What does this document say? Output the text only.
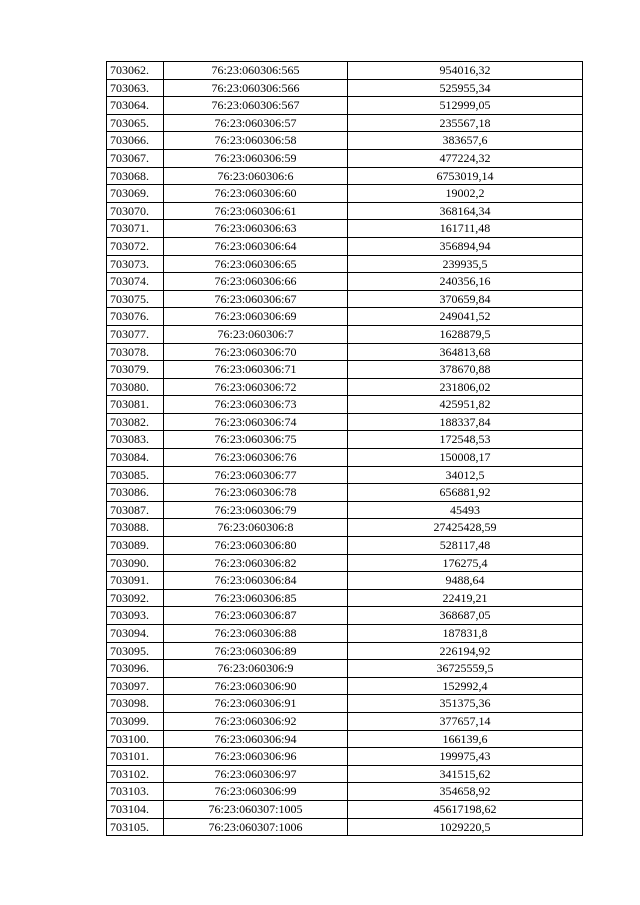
703062.	76:23:060306:565	954016,32
703063.	76:23:060306:566	525955,34
703064.	76:23:060306:567	512999,05
703065.	76:23:060306:57	235567,18
703066.	76:23:060306:58	383657,6
703067.	76:23:060306:59	477224,32
703068.	76:23:060306:6	6753019,14
703069.	76:23:060306:60	19002,2
703070.	76:23:060306:61	368164,34
703071.	76:23:060306:63	161711,48
703072.	76:23:060306:64	356894,94
703073.	76:23:060306:65	239935,5
703074.	76:23:060306:66	240356,16
703075.	76:23:060306:67	370659,84
703076.	76:23:060306:69	249041,52
703077.	76:23:060306:7	1628879,5
703078.	76:23:060306:70	364813,68
703079.	76:23:060306:71	378670,88
703080.	76:23:060306:72	231806,02
703081.	76:23:060306:73	425951,82
703082.	76:23:060306:74	188337,84
703083.	76:23:060306:75	172548,53
703084.	76:23:060306:76	150008,17
703085.	76:23:060306:77	34012,5
703086.	76:23:060306:78	656881,92
703087.	76:23:060306:79	45493
703088.	76:23:060306:8	27425428,59
703089.	76:23:060306:80	528117,48
703090.	76:23:060306:82	176275,4
703091.	76:23:060306:84	9488,64
703092.	76:23:060306:85	22419,21
703093.	76:23:060306:87	368687,05
703094.	76:23:060306:88	187831,8
703095.	76:23:060306:89	226194,92
703096.	76:23:060306:9	36725559,5
703097.	76:23:060306:90	152992,4
703098.	76:23:060306:91	351375,36
703099.	76:23:060306:92	377657,14
703100.	76:23:060306:94	166139,6
703101.	76:23:060306:96	199975,43
703102.	76:23:060306:97	341515,62
703103.	76:23:060306:99	354658,92
703104.	76:23:060307:1005	45617198,62
703105.	76:23:060307:1006	1029220,5
